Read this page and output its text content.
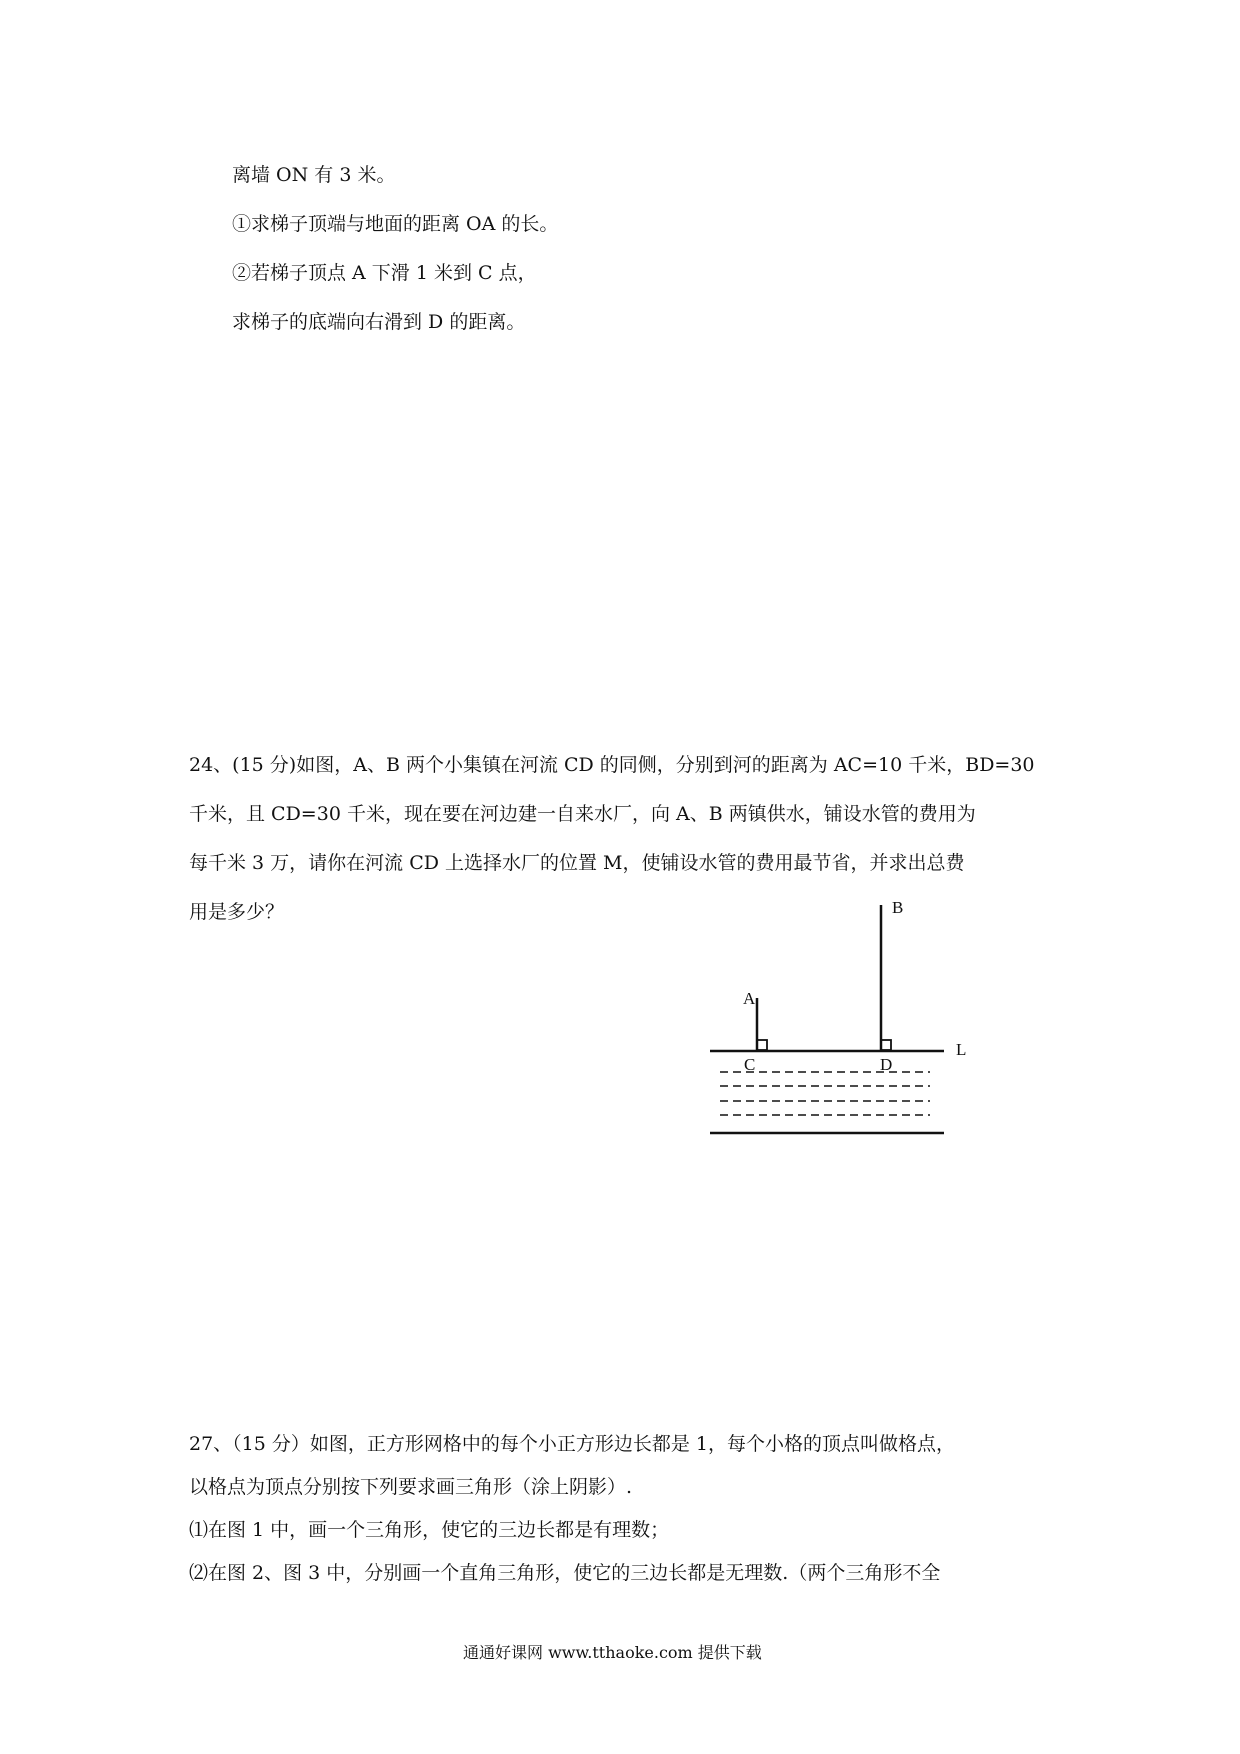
离墙 ON 有 3 米。
①求梯子顶端与地面的距离 OA 的长。
②若梯子顶点 A 下滑 1 米到 C 点，
求梯子的底端向右滑到 D 的距离。
24、(15 分)如图，A、B 两个小集镇在河流 CD 的同侧，分别到河的距离为 AC=10 千米，BD=30
千米，且 CD=30 千米，现在要在河边建一自来水厂，向 A、B 两镇供水，铺设水管的费用为
每千米 3 万，请你在河流 CD 上选择水厂的位置 M，使铺设水管的费用最节省，并求出总费
用是多少？
A
B
C	D
L
27、（15 分）如图，正方形网格中的每个小正方形边长都是 1，每个小格的顶点叫做格点，
以格点为顶点分别按下列要求画三角形（涂上阴影）.
⑴在图 1 中，画一个三角形，使它的三边长都是有理数；
⑵在图 2、图 3 中，分别画一个直角三角形，使它的三边长都是无理数.（两个三角形不全
通通好课网 www.tthaoke.com 提供下载
